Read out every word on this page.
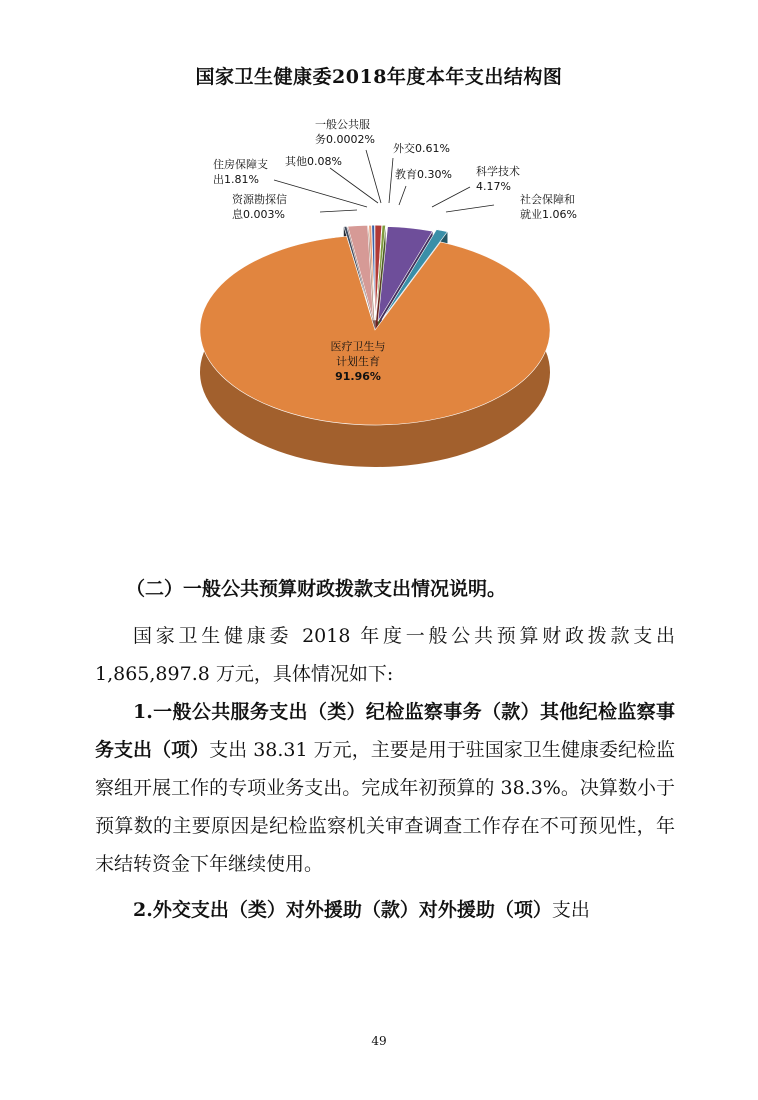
国家卫生健康委2018年度本年支出结构图
医疗卫生与
计划生育
91.96%
社会保障和
就业1.06%
科学技术
4.17%
教育0.30%
外交0.61%
一般公共服
务0.0002%
其他0.08%
住房保障支
出1.81%
资源勘探信
息0.003%
（二）一般公共预算财政拨款支出情况说明。
国家卫生健康委 2018 年度一般公共预算财政拨款支出1,865,897.8 万元，具体情况如下:
1.一般公共服务支出（类）纪检监察事务（款）其他纪检监察事务支出（项）支出 38.31 万元，主要是用于驻国家卫生健康委纪检监察组开展工作的专项业务支出。完成年初预算的 38.3%。决算数小于预算数的主要原因是纪检监察机关审查调查工作存在不可预见性，年末结转资金下年继续使用。
2.外交支出（类）对外援助（款）对外援助（项）支出
49
